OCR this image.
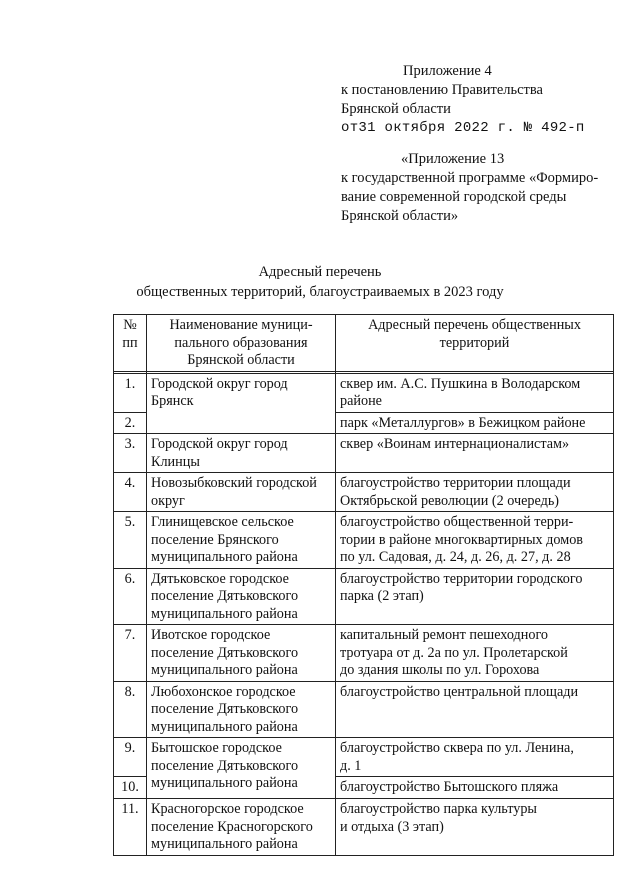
Приложение 4
к постановлению Правительства
Брянской области
от31 октября 2022 г. № 492-п
«Приложение 13
к государственной программе «Формиро-
вание современной городской среды
Брянской области»
Адресный перечень
общественных территорий, благоустраиваемых в 2023 году
№
пп	Наименование муници-
пального образования
Брянской области	Адресный перечень общественных
территорий

1.	Городской округ город
Брянск	сквер им. А.С. Пушкина в Володарском
районе

2.		парк «Металлургов» в Бежицком районе

3.	Городской округ город
Клинцы	сквер «Воинам интернационалистам»

4.	Новозыбковский городской
округ	благоустройство территории площади
Октябрьской революции (2 очередь)

5.	Глинищевское сельское
поселение Брянского
муниципального района	благоустройство общественной терри-
тории в районе многоквартирных домов
по ул. Садовая, д. 24, д. 26, д. 27, д. 28

6.	Дятьковское городское
поселение Дятьковского
муниципального района	благоустройство территории городского
парка (2 этап)

7.	Ивотское городское
поселение Дятьковского
муниципального района	капитальный ремонт пешеходного
тротуара от д. 2а по ул. Пролетарской
до здания школы по ул. Горохова

8.	Любохонское городское
поселение Дятьковского
муниципального района	благоустройство центральной площади

9.	Бытошское городское
поселение Дятьковского
муниципального района	благоустройство сквера по ул. Ленина,
д. 1

10.		благоустройство Бытошского пляжа

11.	Красногорское городское
поселение Красногорского
муниципального района	благоустройство парка культуры
и отдыха (3 этап)
